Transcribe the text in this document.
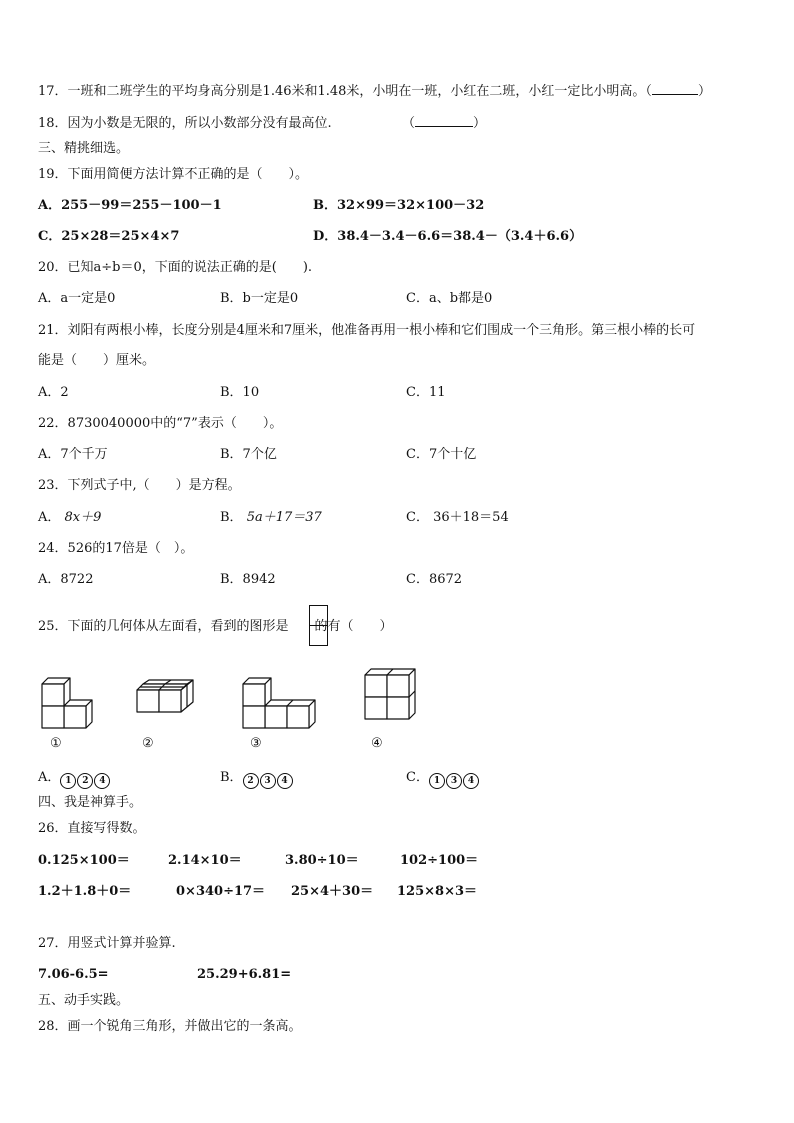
17．一班和二班学生的平均身高分别是1.46米和1.48米，小明在一班，小红在二班，小红一定比小明高。（	）
18．因为小数是无限的，所以小数部分没有最高位.	（	）
三、精挑细选。
19．下面用简便方法计算不正确的是（　　）。
A．255－99＝255－100－1	B．32×99＝32×100－32
C．25×28＝25×4×7	D．38.4－3.4－6.6＝38.4－（3.4＋6.6）
20．已知a÷b＝0，下面的说法正确的是(　　).
A．a一定是0	B．b一定是0	C．a、b都是0
21．刘阳有两根小棒，长度分别是4厘米和7厘米，他准备再用一根小棒和它们围成一个三角形。第三根小棒的长可
能是（　　）厘米。
A．2	B．10	C．11
22．8730040000中的“7”表示（　　）。
A．7个千万	B．7个亿	C．7个十亿
23．下列式子中,（　　）是方程。
A． 8x＋9	B． 5a＋17＝37	C． 36＋18＝54
24．526的17倍是（　）。
A．8722	B．8942	C．8672
25．下面的几何体从左面看，看到的图形是 的有（　　）
①	②	③	④
A． 1 2 4	B． 2 3 4	C． 1 3 4
四、我是神算手。
26．直接写得数。
0.125×100＝	2.14×10＝	3.80÷10＝	102÷100＝
1.2＋1.8＋0＝	0×340÷17＝ 25×4＋30＝ 125×8×3＝
27．用竖式计算并验算.
7.06-6.5=	25.29+6.81=
五、动手实践。
28．画一个锐角三角形，并做出它的一条高。
